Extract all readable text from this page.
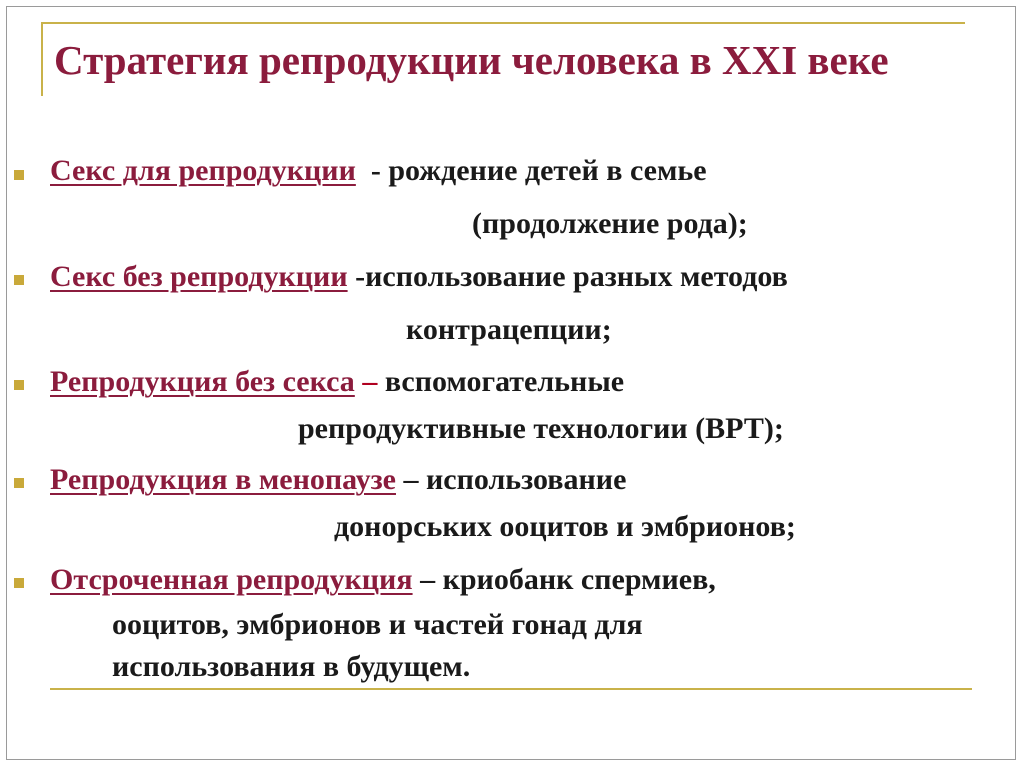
Стратегия репродукции человека в XXI веке
Секс для репродукции  - рождение детей в семье
(продолжение рода);
Секс без репродукции -использование разных методов
контрацепции;
Репродукция без секса – вспомогательные
репродуктивные технологии (ВРТ);
Репродукция в менопаузе – использование
донорських ооцитов и эмбрионов;
Отсроченная репродукция – криобанк спермиев,
ооцитов, эмбрионов и частей гонад для
использования в будущем.
